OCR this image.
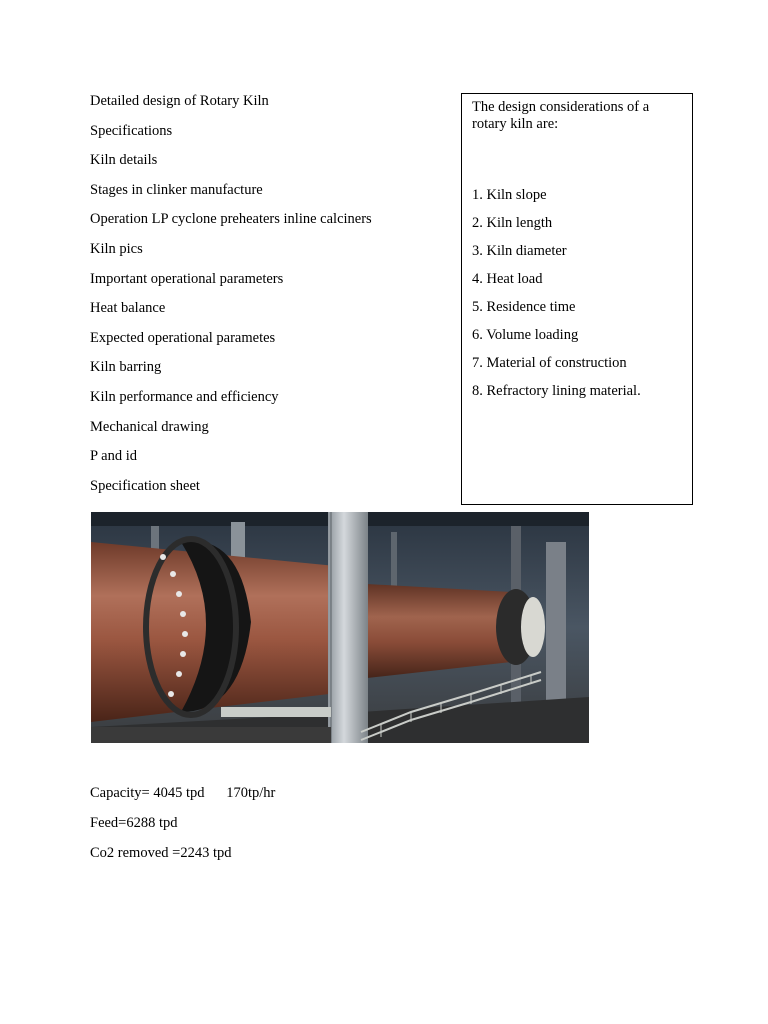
Detailed design of Rotary Kiln
Specifications
Kiln details
Stages in clinker manufacture
Operation LP cyclone preheaters inline calciners
Kiln pics
Important operational parameters
Heat balance
Expected operational parametes
Kiln barring
Kiln performance and efficiency
Mechanical drawing
P and id
Specification sheet
The design considerations of a rotary kiln are:
1. Kiln slope
2. Kiln length
3. Kiln diameter
4. Heat load
5. Residence time
6. Volume loading
7. Material of construction
8. Refractory lining material.
Capacity= 4045 tpd      170tp/hr
Feed=6288 tpd
Co2 removed =2243 tpd
